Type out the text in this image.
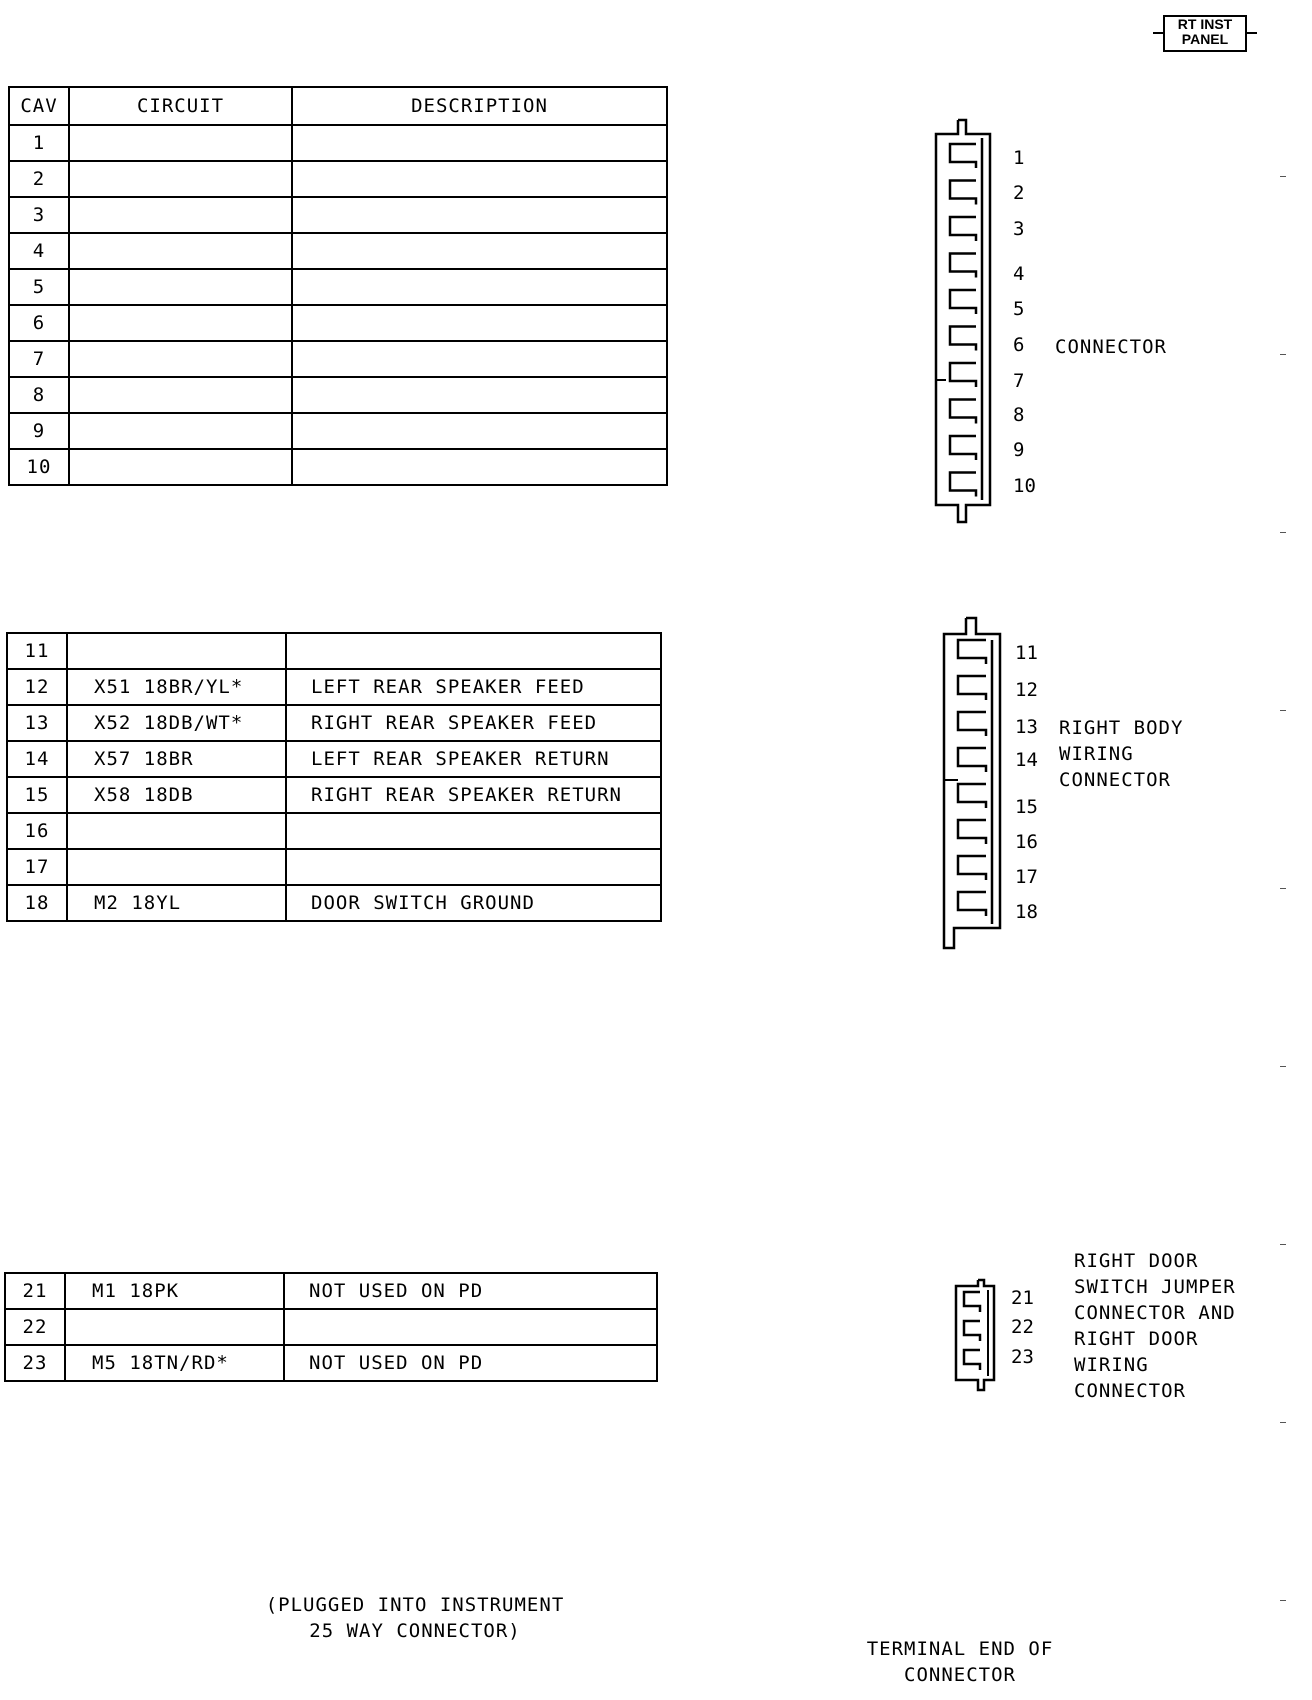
RT INST
PANEL
CAV	CIRCUIT	DESCRIPTION
1		
2		
3		
4		
5		
6		
7		
8		
9		
10		
11		
12	X51 18BR/YL*	LEFT REAR SPEAKER FEED
13	X52 18DB/WT*	RIGHT REAR SPEAKER FEED
14	X57 18BR	LEFT REAR SPEAKER RETURN
15	X58 18DB	RIGHT REAR SPEAKER RETURN
16		
17		
18	M2 18YL	DOOR SWITCH GROUND
21	M1 18PK	NOT USED ON PD
22		
23	M5 18TN/RD*	NOT USED ON PD
1
2
3
4
5
6
7
8
9
10
11
12
13
14
15
16
17
18
21
22
23
CONNECTOR
RIGHT BODY
WIRING
CONNECTOR
RIGHT DOOR
SWITCH JUMPER
CONNECTOR AND
RIGHT DOOR
WIRING
CONNECTOR
(PLUGGED INTO INSTRUMENT
25 WAY CONNECTOR)
TERMINAL END OF
CONNECTOR
